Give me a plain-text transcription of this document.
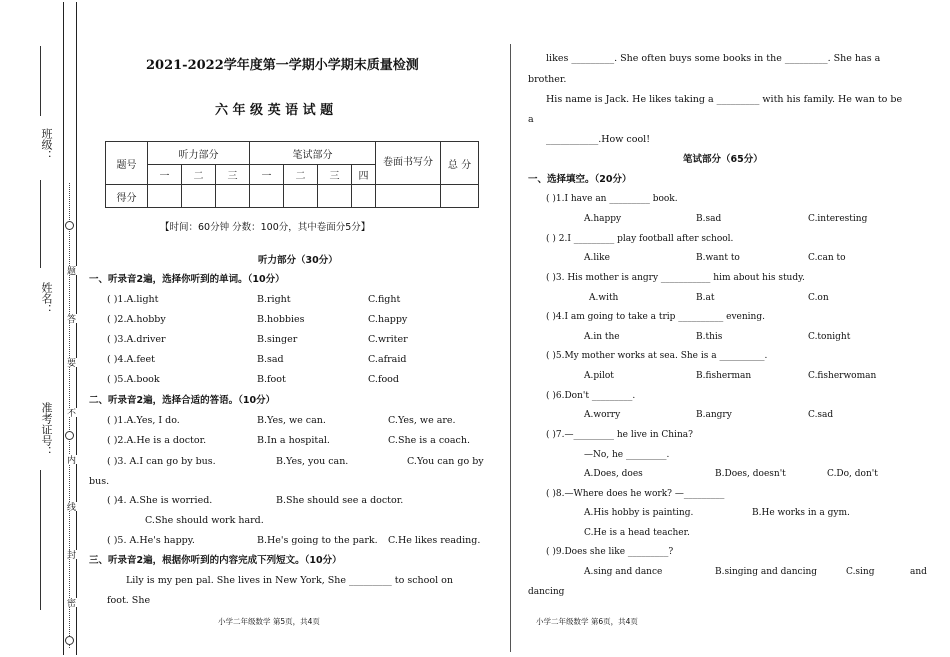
班级：
姓名：
准考证号：
题
答
要
不
内
线
封
密
2021-2022学年度第一学期小学期末质量检测
六 年 级 英 语 试 题
题号	听力部分			笔试部分				卷面书写分	总 分
	一	二	三	一	二	三	四		
得分									
【时间：60分钟 分数：100分，其中卷面分5分】
听力部分（30分）
一、听录音2遍，选择你听到的单词。（10分）
( )1.A.light	B.right	C.fight
( )2.A.hobby	B.hobbies	C.happy
( )3.A.driver	B.singer	C.writer
( )4.A.feet	B.sad	C.afraid
( )5.A.book	B.foot	C.food
二、听录音2遍，选择合适的答语。（10分）
( )1.A.Yes, I do.	B.Yes, we can.	C.Yes, we are.
( )2.A.He is a doctor.	B.In a hospital.	C.She is a coach.
( )3. A.I can go by bus.	B.Yes, you can.	C.You can go by
bus.
( )4. A.She is worried.	B.She should see a doctor.
C.She should work hard.
( )5. A.He's happy.	B.He's going to the park. C.He likes reading.
三、听录音2遍，根据你听到的内容完成下列短文。（10分）
Lily is my pen pal. She lives in New York, She _________ to school on
foot. She
小学二年级数学 第5页，共4页
likes _________. She often buys some books in the _________. She has a
brother.
His name is Jack. He likes taking a _________ with his family. He wan to be
a
___________.How cool!
笔试部分（65分）
一、选择填空。（20分）
( )1.I have an _________ book.
A.happy	B.sad	C.interesting
( ) 2.I _________ play football after school.
A.like	B.want to	C.can to
( )3. His mother is angry ___________ him about his study.
A.with	B.at	C.on
( )4.I am going to take a trip __________ evening.
A.in the	B.this	C.tonight
( )5.My mother works at sea. She is a __________.
A.pilot	B.fisherman	C.fisherwoman
( )6.Don't _________.
A.worry	B.angry	C.sad
( )7.—_________ he live in China?
—No, he _________.
A.Does, does	B.Does, doesn't	C.Do, don't
( )8.—Where does he work? —_________
A.His hobby is painting.	B.He works in a gym.
C.He is a head teacher.
( )9.Does she like _________?
A.sing and dance	B.singing and dancing	C.sing	and
dancing
小学二年级数学 第6页，共4页
